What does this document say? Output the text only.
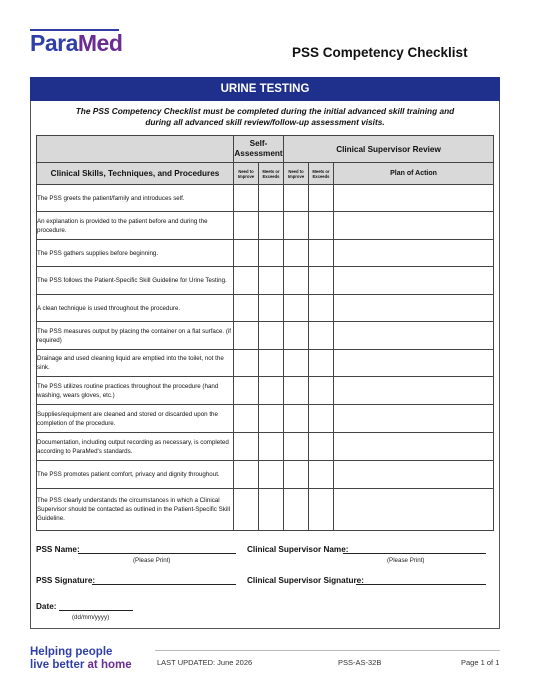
ParaMed	PSS Competency Checklist
URINE TESTING
The PSS Competency Checklist must be completed during the initial advanced skill training and
during all advanced skill review/follow-up assessment visits.
	Self-Assessment		Clinical Supervisor Review		
Clinical Skills, Techniques, and Procedures	Need to Improve	Meets or Exceeds	Need to Improve	Meets or Exceeds	Plan of Action
The PSS greets the patient/family and introduces self.					
An explanation is provided to the patient before and during the procedure.					
The PSS gathers supplies before beginning.					
The PSS follows the Patient-Specific Skill Guideline for Urine Testing.					
A clean technique is used throughout the procedure.					
The PSS measures output by placing the container on a flat surface. (if required)					
Drainage and used cleaning liquid are emptied into the toilet, not the sink.					
The PSS utilizes routine practices throughout the procedure (hand washing, wears gloves, etc.)					
Supplies/equipment are cleaned and stored or discarded upon the completion of the procedure.					
Documentation, including output recording as necessary, is completed according to ParaMed's standards.					
The PSS promotes patient comfort, privacy and dignity throughout.					
The PSS clearly understands the circumstances in which a Clinical Supervisor should be contacted as outlined in the Patient-Specific Skill Guideline.					
PSS Name:
(Please Print)
Clinical Supervisor Name:
(Please Print)
PSS Signature:	Clinical Supervisor Signature:
Date:
(dd/mm/yyyy)
Helping people
live better at home	LAST UPDATED: June 2026	PSS-AS-32B	Page 1 of 1
